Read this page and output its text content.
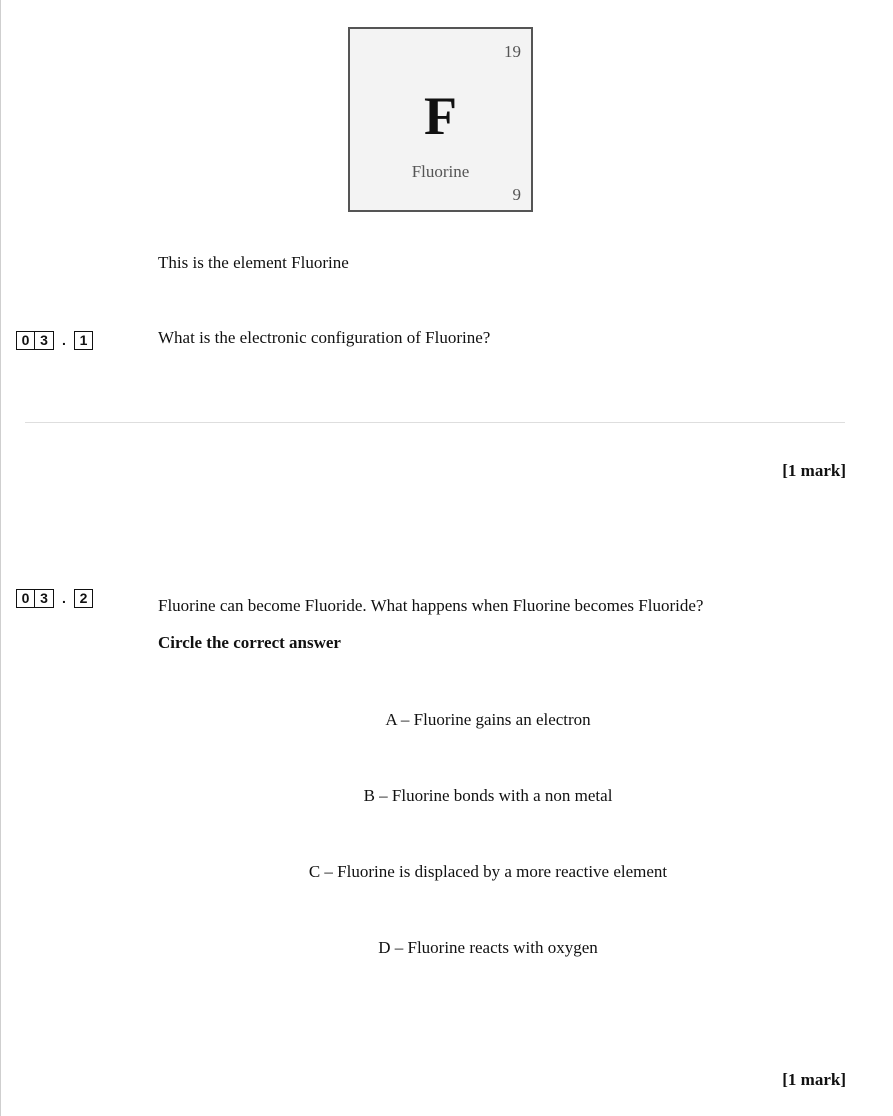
19
F
Fluorine
9
This is the element Fluorine
0 3	. 1	What is the electronic configuration of Fluorine?
[1 mark]
0 3	. 2	Fluorine can become Fluoride. What happens when Fluorine becomes Fluoride?
Circle the correct answer
A – Fluorine gains an electron
B – Fluorine bonds with a non metal
C – Fluorine is displaced by a more reactive element
D – Fluorine reacts with oxygen
[1 mark]
